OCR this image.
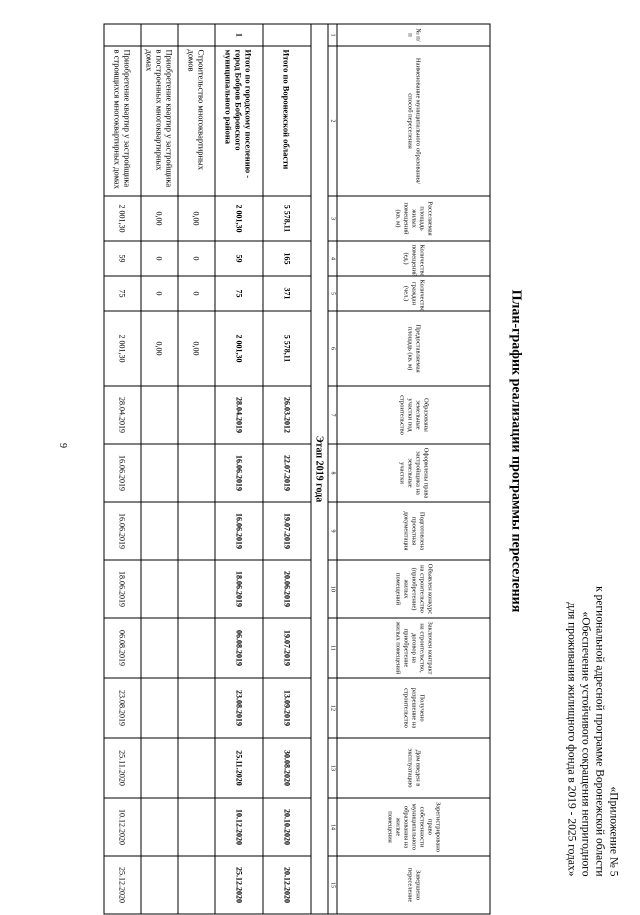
9
«Приложение № 5
к региональной адресной программе Воронежской области
«Обеспечение устойчивого сокращения непригодного
для проживания жилищного фонда в 2019 - 2025 годах»
План-график реализации программы переселения
№ п/п	Наименование муниципального образования/ способ переселения	Расселяемая площадь жилых помещений (кв. м)	Количество помещений (ед.)	Количество граждан (чел.)	Предоставляемая площадь (кв. м)	Образованы земельные участки под строительство	Оформлены права застройщика на земельные участки	Подготовлена проектная документация	Объявлен конкурс на строительство (приобретение) жилых помещений	Заключен контракт на строительство, договор на приобретение жилых помещений	Получено разрешение на строительство	Дом введен в эксплуатацию	Зарегистрировано право собственности муниципального образования на жилые помещения	Завершено переселение
1	2	3	4	5	6	7	8	9	10	11	12	13	14	15
Этап 2019 года														
	Итого по Воронежской области	5 578,11	165	371	5 578,11	26.03.2012	22.07.2019	19.07.2019	20.06.2019	19.07.2019	13.09.2019	30.08.2020	20.10.2020	20.12.2020
1	Итого по городскому поселению - город Бобров Бобровского муниципального района	2 001,30	59	75	2 001,30	28.04.2019	16.06.2019	16.06.2019	18.06.2019	06.08.2019	23.08.2019	25.11.2020	10.12.2020	25.12.2020
	Строительство многоквартирных домов	0,00	0	0	0,00									
	Приобретение квартир у застройщика в построенных многоквартирных домах	0,00	0	0	0,00									
	Приобретение квартир у застройщика в строящихся многоквартирных домах	2 001,30	59	75	2 001,30	28.04.2019	16.06.2019	16.06.2019	18.06.2019	06.08.2019	23.08.2019	25.11.2020	10.12.2020	25.12.2020
